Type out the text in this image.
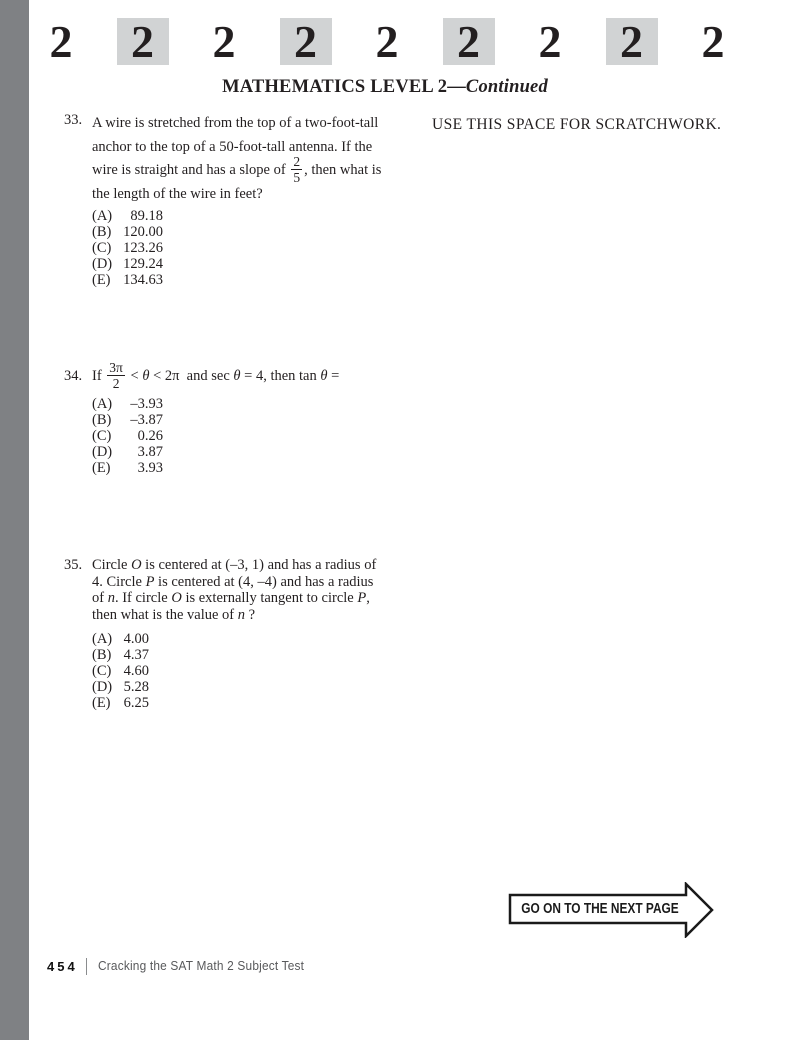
2	2	2	2	2	2	2	2	2
MATHEMATICS LEVEL 2—Continued
USE THIS SPACE FOR SCRATCHWORK.
33. A wire is stretched from the top of a two-foot-tall
anchor to the top of a 50-foot-tall antenna. If the
wire is straight and has a slope of $\frac{2}{5}$ , then what is
the length of the wire in feet?
(A) 89.18
(B) 120.00
(C) 123.26
(D) 129.24
(E) 134.63
34. If $\frac{3\pi}{2} < \theta < 2\pi$  and sec θ = 4, then tan θ =
(A) –3.93
(B) –3.87
(C) 0.26
(D) 3.87
(E) 3.93
35. Circle O is centered at (–3, 1) and has a radius of
4. Circle P is centered at (4, –4) and has a radius
of n. If circle O is externally tangent to circle P,
then what is the value of n ?
(A) 4.00
(B) 4.37
(C) 4.60
(D) 5.28
(E) 6.25
GO ON TO THE NEXT PAGE
454 Cracking the SAT Math 2 Subject Test
